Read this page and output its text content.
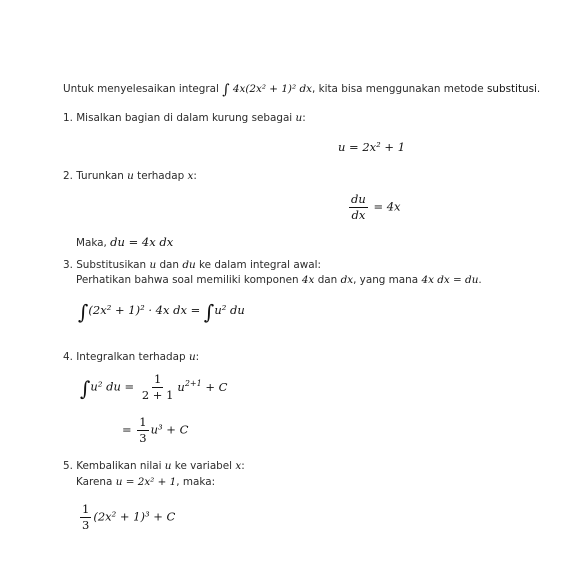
Untuk menyelesaikan integral ∫ 4x(2x² + 1)² dx, kita bisa menggunakan metode substitusi.
1. Misalkan bagian di dalam kurung sebagai u:
u = 2x² + 1
2. Turunkan u terhadap x:
$\frac{du}{dx} = 4x$
Maka, du = 4x dx
3. Substitusikan u dan du ke dalam integral awal:
Perhatikan bahwa soal memiliki komponen 4x dan dx, yang mana 4x dx = du.
∫(2x² + 1)² · 4x dx = ∫u² du
4. Integralkan terhadap u:
∫u² du = $\frac{1}{2 + 1} u^{2+1} + C$
= $\frac{1}{3} u^3 + C$
5. Kembalikan nilai u ke variabel x:
Karena u = 2x² + 1, maka:
$\frac{1}{3} (2x^2 + 1)^3 + C$
